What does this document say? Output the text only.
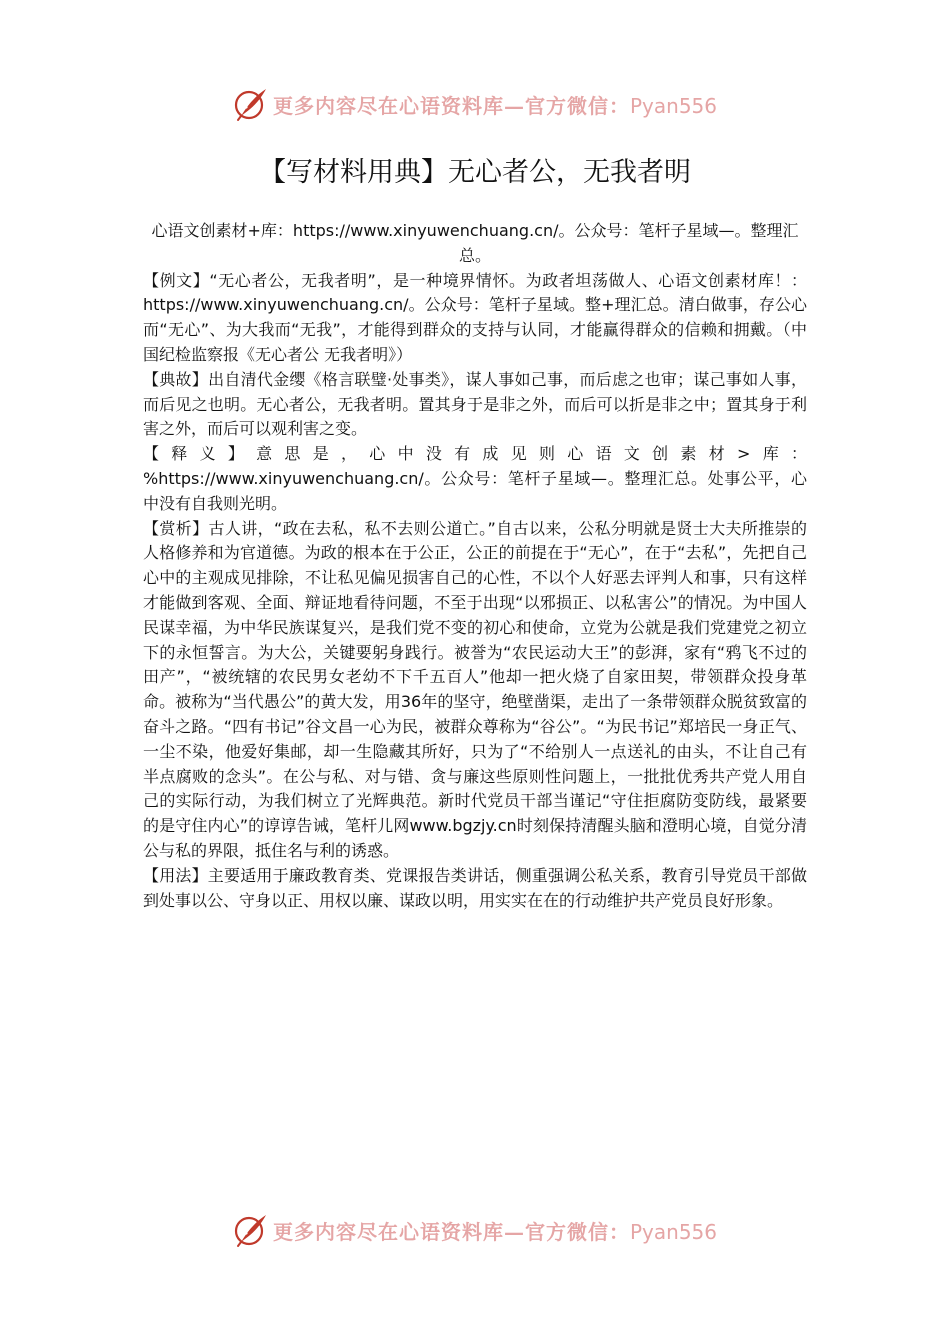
更多内容尽在心语资料库—官方微信：Pyan556
【写材料用典】无心者公，无我者明

心语文创素材+库：https://www.xinyuwenchuang.cn/。公众号：笔杆子星域—。整理汇总。

【例文】“无心者公，无我者明”，是一种境界情怀。为政者坦荡做人、心语文创素材库！：https://www.xinyuwenchuang.cn/。公众号：笔杆子星域。整+理汇总。清白做事，存公心而“无心”、为大我而“无我”，才能得到群众的支持与认同，才能赢得群众的信赖和拥戴。（中国纪检监察报《无心者公 无我者明》）

【典故】出自清代金缨《格言联璧·处事类》，谋人事如己事，而后虑之也审；谋己事如人事，而后见之也明。无心者公，无我者明。置其身于是非之外，而后可以折是非之中；置其身于利害之外，而后可以观利害之变。

【释义】意思是，心中没有成见则心语文创素材>库：%https://www.xinyuwenchuang.cn/。公众号：笔杆子星域—。整理汇总。处事公平，心中没有自我则光明。

【赏析】古人讲，“政在去私，私不去则公道亡。”自古以来，公私分明就是贤士大夫所推崇的人格修养和为官道德。为政的根本在于公正，公正的前提在于“无心”，在于“去私”，先把自己心中的主观成见排除，不让私见偏见损害自己的心性，不以个人好恶去评判人和事，只有这样才能做到客观、全面、辩证地看待问题，不至于出现“以邪损正、以私害公”的情况。为中国人民谋幸福，为中华民族谋复兴，是我们党不变的初心和使命，立党为公就是我们党建党之初立下的永恒誓言。为大公，关键要躬身践行。被誉为“农民运动大王”的彭湃，家有“鸦飞不过的田产”，“被统辖的农民男女老幼不下千五百人”他却一把火烧了自家田契，带领群众投身革命。被称为“当代愚公”的黄大发，用36年的坚守，绝壁凿渠，走出了一条带领群众脱贫致富的奋斗之路。“四有书记”谷文昌一心为民，被群众尊称为“谷公”。“为民书记”郑培民一身正气、一尘不染，他爱好集邮，却一生隐藏其所好，只为了“不给别人一点送礼的由头，不让自己有半点腐败的念头”。在公与私、对与错、贪与廉这些原则性问题上，一批批优秀共产党人用自己的实际行动，为我们树立了光辉典范。新时代党员干部当谨记“守住拒腐防变防线，最紧要的是守住内心”的谆谆告诫，笔杆儿网www.bgzjy.cn时刻保持清醒头脑和澄明心境，自觉分清公与私的界限，抵住名与利的诱惑。

【用法】主要适用于廉政教育类、党课报告类讲话，侧重强调公私关系，教育引导党员干部做到处事以公、守身以正、用权以廉、谋政以明，用实实在在的行动维护共产党员良好形象。

更多内容尽在心语资料库—官方微信：Pyan556
